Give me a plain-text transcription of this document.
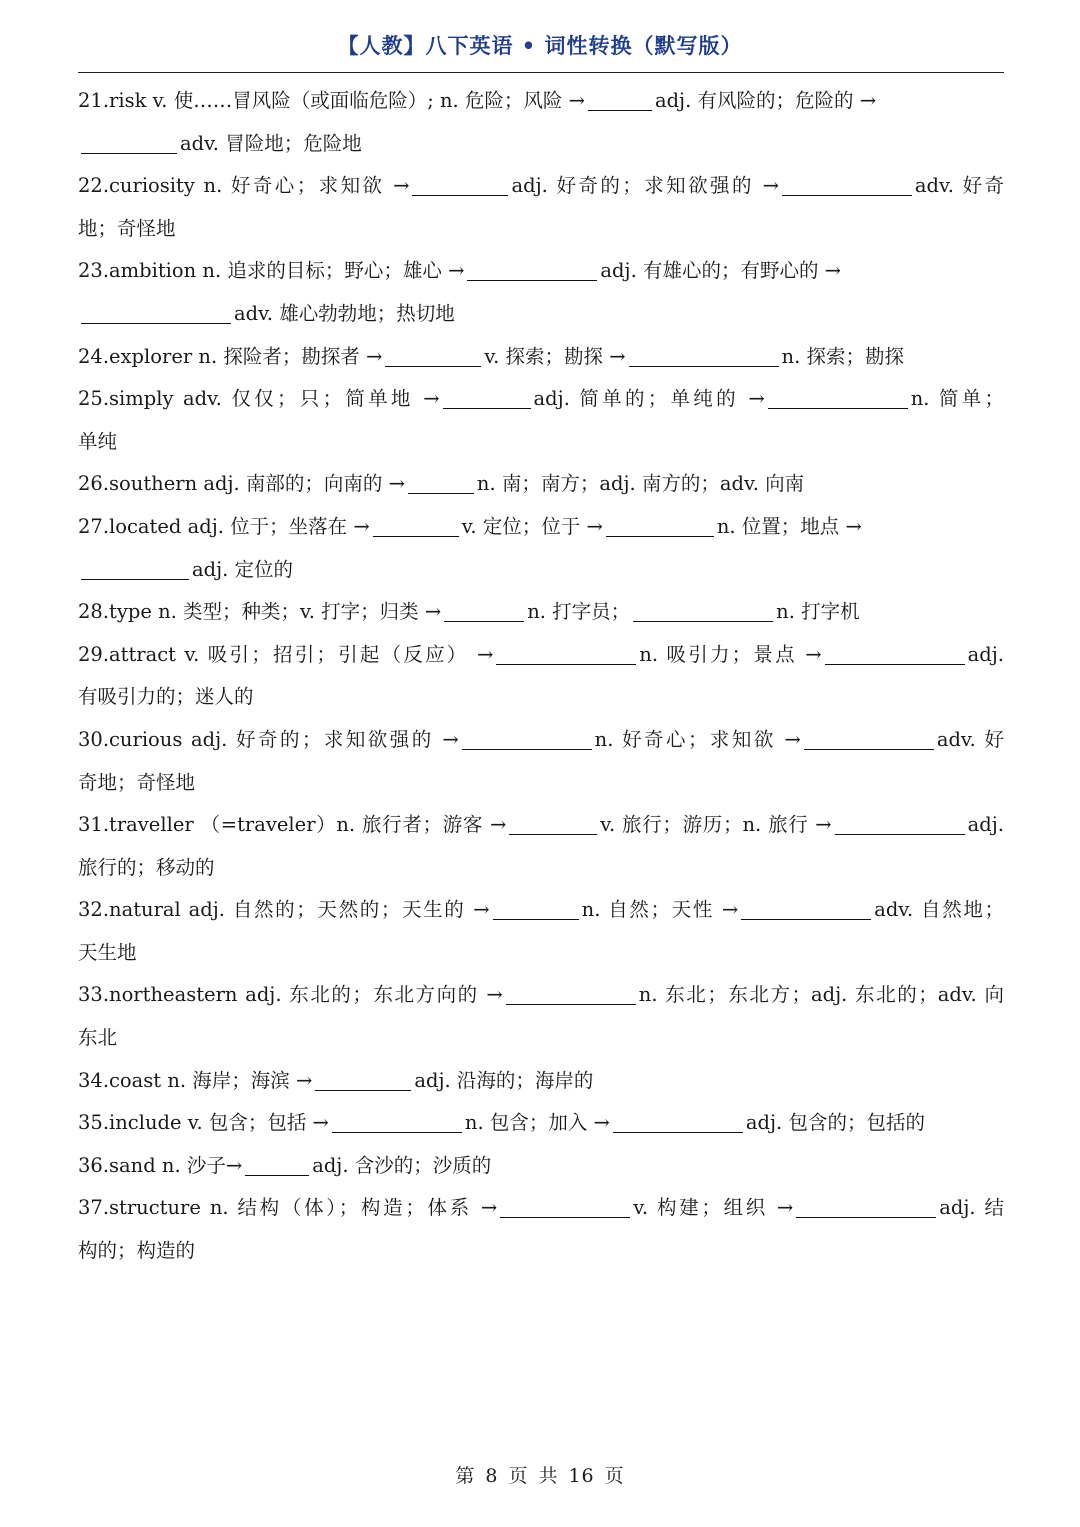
【人教】八下英语 • 词性转换（默写版）
21.risk v. 使……冒风险（或面临危险）; n. 危险；风险 →	adj. 有风险的；危险的 →
adv. 冒险地；危险地
22.curiosity n. 好奇心；求知欲 →	adj. 好奇的；求知欲强的 →	adv. 好奇
地；奇怪地
23.ambition n. 追求的目标；野心；雄心 →	adj. 有雄心的；有野心的 →
adv. 雄心勃勃地；热切地
24.explorer n. 探险者；勘探者 →	v. 探索；勘探 →	n. 探索；勘探
25.simply adv. 仅仅；只；简单地 →	adj. 简单的；单纯的 →	n. 简单；
单纯
26.southern adj. 南部的；向南的 →	n. 南；南方；adj. 南方的；adv. 向南
27.located adj. 位于；坐落在 →	v. 定位；位于 →	n. 位置；地点 →
adj. 定位的
28.type n. 类型；种类；v. 打字；归类 →	n. 打字员；	n. 打字机
29.attract v. 吸引；招引；引起（反应） →	n. 吸引力；景点 →	adj.
有吸引力的；迷人的
30.curious adj. 好奇的；求知欲强的 →	n. 好奇心；求知欲 →	adv. 好
奇地；奇怪地
31.traveller （=traveler）n. 旅行者；游客 →	v. 旅行；游历；n. 旅行 →	adj.
旅行的；移动的
32.natural adj. 自然的；天然的；天生的 →	n. 自然；天性 →	adv. 自然地；
天生地
33.northeastern adj. 东北的；东北方向的 →	n. 东北；东北方；adj. 东北的；adv. 向
东北
34.coast n. 海岸；海滨 →	adj. 沿海的；海岸的
35.include v. 包含；包括 →	n. 包含；加入 →	adj. 包含的；包括的
36.sand n. 沙子→	adj. 含沙的；沙质的
37.structure n. 结构（体）；构造；体系 →	v. 构建；组织 →	adj. 结
构的；构造的
第 8 页 共 16 页
